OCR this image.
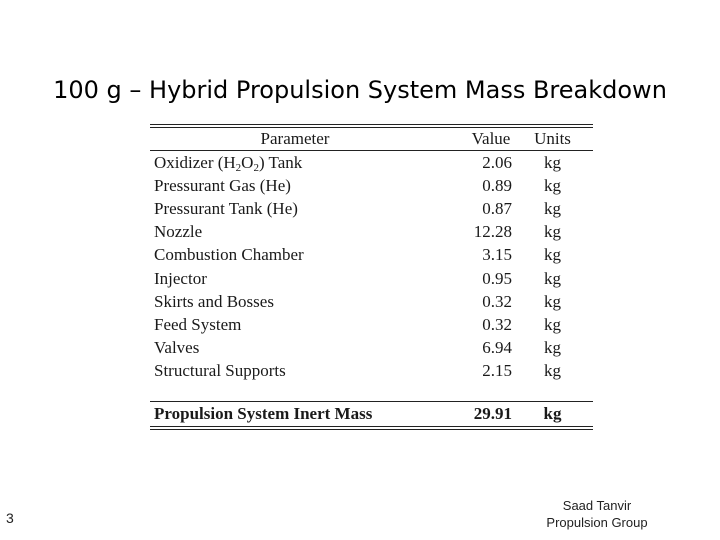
100 g – Hybrid Propulsion System Mass Breakdown
Parameter	Value	Units
Oxidizer $(H_2O_2)$ Tank	2.06	kg
Pressurant Gas (He)	0.89	kg
Pressurant Tank (He)	0.87	kg
Nozzle	12.28	kg
Combustion Chamber	3.15	kg
Injector	0.95	kg
Skirts and Bosses	0.32	kg
Feed System	0.32	kg
Valves	6.94	kg
Structural Supports	2.15	kg
Propulsion System Inert Mass	29.91	kg
3
Saad Tanvir
Propulsion Group
